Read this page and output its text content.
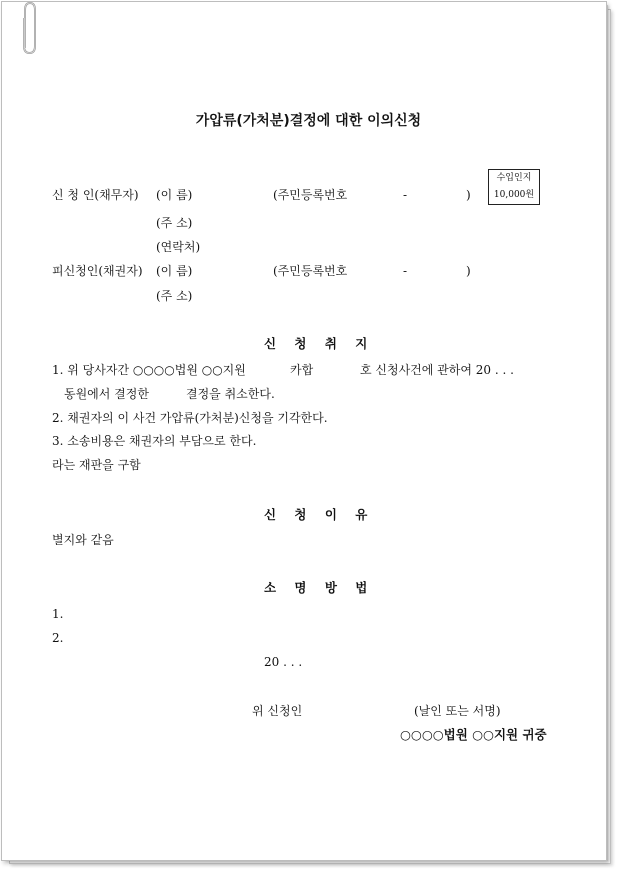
가압류(가처분)결정에 대한 이의신청
수입인지
10,000원
신 청 인(채무자) (이 름)	(주민등록번호	-	)
(주 소)
(연락처)
피신청인(채권자) (이 름)	(주민등록번호	-	)
(주 소)
신 청 취 지
1. 위 당사자간 ○○○○법원 ○○지원	카합	호 신청사건에 관하여 20 . . .
동원에서 결정한	결정을 취소한다.
2. 채권자의 이 사건 가압류(가처분)신청을 기각한다.
3. 소송비용은 채권자의 부담으로 한다.
라는 재판을 구함
신 청 이 유
별지와 같음
소 명 방 법
1.
2.
20 . . .
위 신청인	(날인 또는 서명)
○○○○법원 ○○지원 귀중
